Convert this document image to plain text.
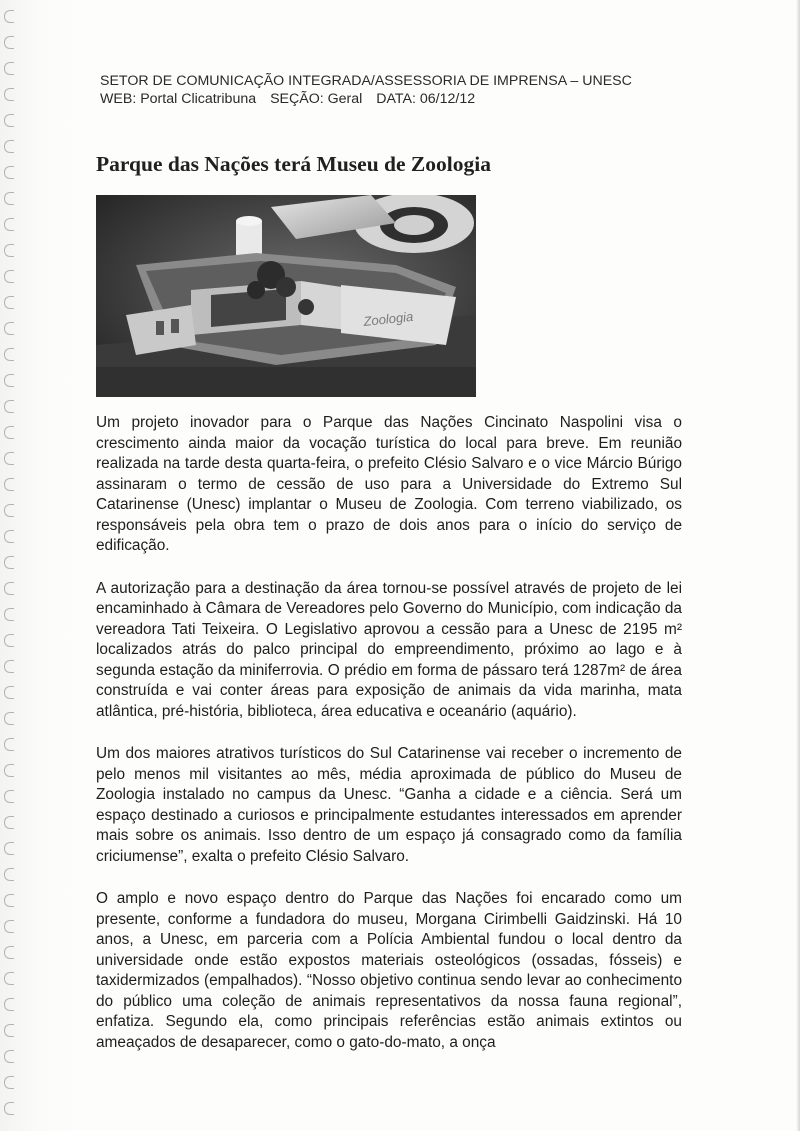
SETOR DE COMUNICAÇÃO INTEGRADA/ASSESSORIA DE IMPRENSA – UNESC
WEB: Portal Clicatribuna SEÇÃO: Geral DATA: 06/12/12
Parque das Nações terá Museu de Zoologia
Zoologia

Um projeto inovador para o Parque das Nações Cincinato Naspolini visa o crescimento ainda maior da vocação turística do local para breve. Em reunião realizada na tarde desta quarta-feira, o prefeito Clésio Salvaro e o vice Márcio Búrigo assinaram o termo de cessão de uso para a Universidade do Extremo Sul Catarinense (Unesc) implantar o Museu de Zoologia. Com terreno viabilizado, os responsáveis pela obra tem o prazo de dois anos para o início do serviço de edificação.

A autorização para a destinação da área tornou-se possível através de projeto de lei encaminhado à Câmara de Vereadores pelo Governo do Município, com indicação da vereadora Tati Teixeira. O Legislativo aprovou a cessão para a Unesc de 2195 m² localizados atrás do palco principal do empreendimento, próximo ao lago e à segunda estação da miniferrovia. O prédio em forma de pássaro terá 1287m² de área construída e vai conter áreas para exposição de animais da vida marinha, mata atlântica, pré-história, biblioteca, área educativa e oceanário (aquário).

Um dos maiores atrativos turísticos do Sul Catarinense vai receber o incremento de pelo menos mil visitantes ao mês, média aproximada de público do Museu de Zoologia instalado no campus da Unesc. “Ganha a cidade e a ciência. Será um espaço destinado a curiosos e principalmente estudantes interessados em aprender mais sobre os animais. Isso dentro de um espaço já consagrado como da família criciumense”, exalta o prefeito Clésio Salvaro.

O amplo e novo espaço dentro do Parque das Nações foi encarado como um presente, conforme a fundadora do museu, Morgana Cirimbelli Gaidzinski. Há 10 anos, a Unesc, em parceria com a Polícia Ambiental fundou o local dentro da universidade onde estão expostos materiais osteológicos (ossadas, fósseis) e taxidermizados (empalhados). “Nosso objetivo continua sendo levar ao conhecimento do público uma coleção de animais representativos da nossa fauna regional”, enfatiza. Segundo ela, como principais referências estão animais extintos ou ameaçados de desaparecer, como o gato-do-mato, a onça
